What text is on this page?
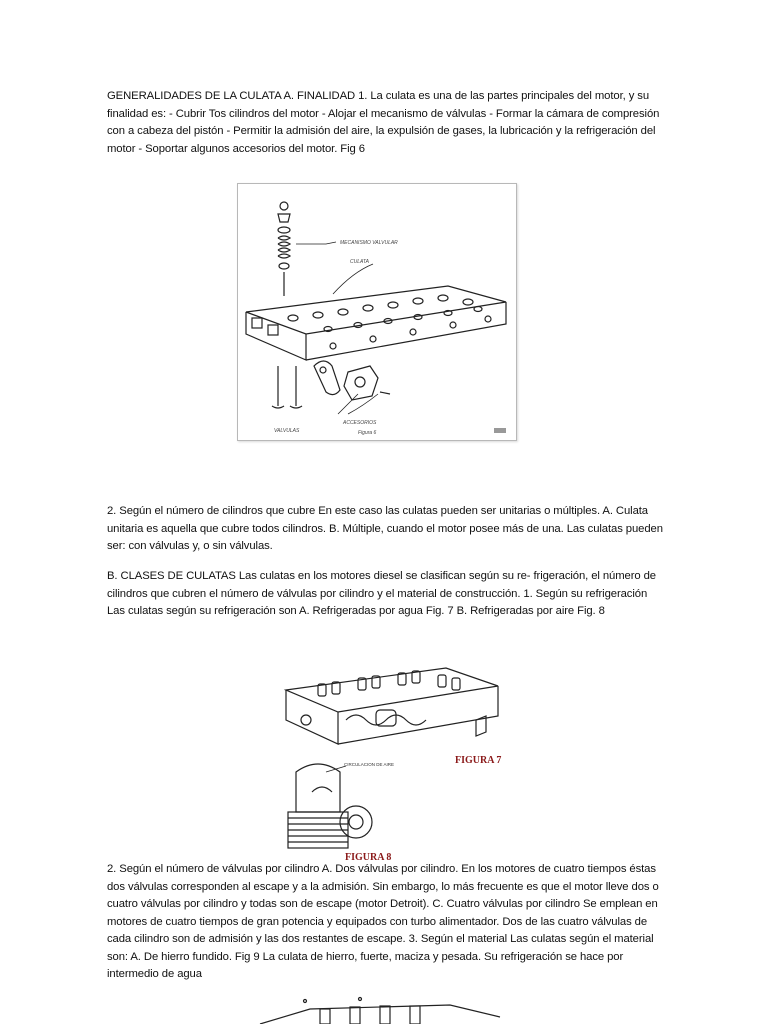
GENERALIDADES DE LA CULATA A. FINALIDAD 1. La culata es una de las partes principales del motor, y su finalidad es: - Cubrir Tos cilindros del motor - Alojar el mecanismo de válvulas - Formar la cámara de compresión con a cabeza del pistón - Permitir la admisión del aire, la expulsión de gases, la lubricación y la refrigeración del motor - Soportar algunos accesorios del motor. Fig 6

MECANISMO VALVULAR
CULATA
ACCESORIOS
VALVULAS	Figura 6

2. Según el número de cilindros que cubre En este caso las culatas pueden ser unitarias o múltiples. A. Culata unitaria es aquella que cubre todos cilindros. B. Múltiple, cuando el motor posee más de una. Las culatas pueden ser: con válvulas y, o sin válvulas.

B. CLASES DE CULATAS Las culatas en los motores diesel se clasifican según su re- frigeración, el número de cilindros que cubren el número de válvulas por cilindro y el material de construcción. 1. Según su refrigeración Las culatas según su refrigeración son A. Refrigeradas por agua Fig. 7 B. Refrigeradas por aire Fig. 8

FIGURA 7
CIRCULACION DE AIRE
FIGURA 8

2. Según el número de válvulas por cilindro A. Dos válvulas por cilindro. En los motores de cuatro tiempos éstas dos válvulas corresponden al escape y a la admisión. Sin embargo, lo más frecuente es que el motor lleve dos o cuatro válvulas por cilindro y todas son de escape (motor Detroit). C. Cuatro válvulas por cilindro Se emplean en motores de cuatro tiempos de gran potencia y equipados con turbo alimentador. Dos de las cuatro válvulas de cada cilindro son de admisión y las dos restantes de escape. 3. Según el material Las culatas según el material son: A. De hierro fundido. Fig 9 La culata de hierro, fuerte, maciza y pesada. Su refrigeración se hace por intermedio de agua
